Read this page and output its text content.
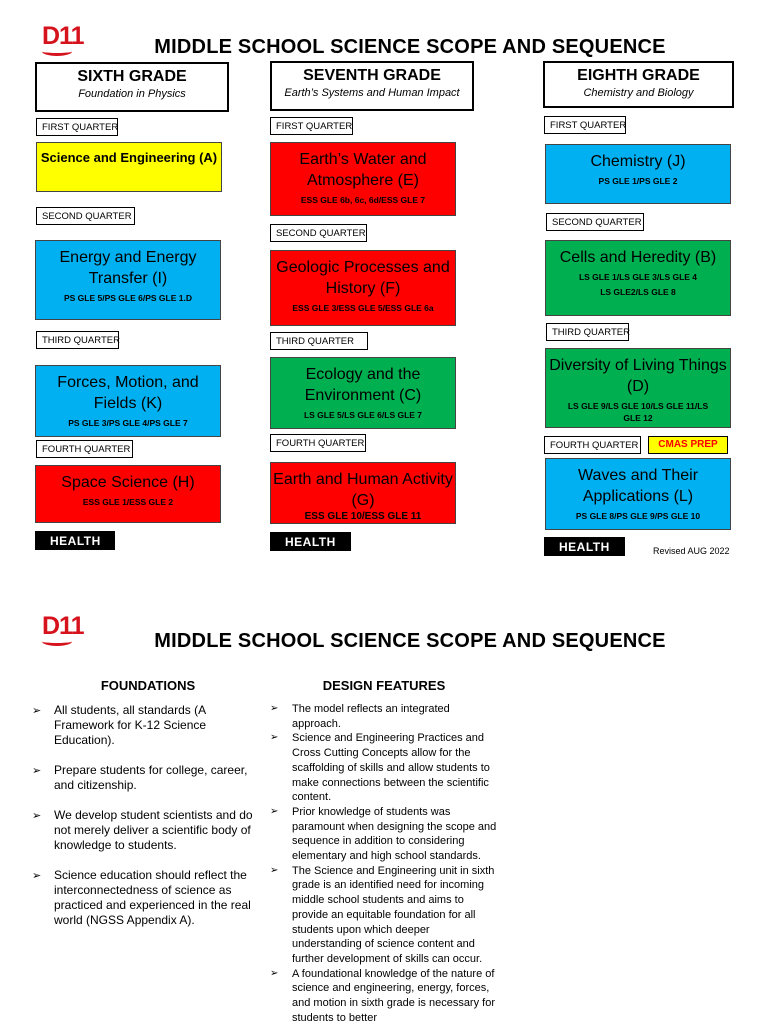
D11	MIDDLE SCHOOL SCIENCE SCOPE AND SEQUENCE
SIXTH GRADE
Foundation in Physics
SEVENTH GRADE
Earth’s Systems and Human Impact
EIGHTH GRADE
Chemistry and Biology
FIRST QUARTER
Science and Engineering (A)
SECOND QUARTER
Energy and Energy Transfer (I)
PS GLE 5/PS GLE 6/PS GLE 1.D
THIRD QUARTER
Forces, Motion, and Fields (K)
PS GLE 3/PS GLE 4/PS GLE 7
FOURTH QUARTER
Space Science (H)
ESS GLE 1/ESS GLE 2
HEALTH
FIRST QUARTER
Earth’s Water and Atmosphere (E)
ESS GLE 6b, 6c, 6d/ESS GLE 7
SECOND QUARTER
Geologic Processes and History (F)
ESS GLE 3/ESS GLE 5/ESS GLE 6a
THIRD QUARTER
Ecology and the Environment (C)
LS GLE 5/LS GLE 6/LS GLE 7
FOURTH QUARTER
Earth and Human Activity (G)
ESS GLE 10/ESS GLE 11
HEALTH
FIRST QUARTER
Chemistry (J)
PS GLE 1/PS GLE 2
SECOND QUARTER
Cells and Heredity (B)
LS GLE 1/LS GLE 3/LS GLE 4
LS GLE2/LS GLE 8
THIRD QUARTER
Diversity of Living Things (D)
LS GLE 9/LS GLE 10/LS GLE 11/LS GLE 12
FOURTH QUARTER	CMAS PREP
Waves and Their Applications (L)
PS GLE 8/PS GLE 9/PS GLE 10
HEALTH	Revised AUG 2022
D11
MIDDLE SCHOOL SCIENCE SCOPE AND SEQUENCE
FOUNDATIONS
➢ All students, all standards (A Framework for K-12 Science Education).
➢ Prepare students for college, career, and citizenship.
➢ We develop student scientists and do not merely deliver a scientific body of knowledge to students.
➢ Science education should reflect the interconnectedness of science as practiced and experienced in the real world (NGSS Appendix A).
DESIGN FEATURES
➢ The model reflects an integrated approach.
➢ Science and Engineering Practices and Cross Cutting Concepts allow for the scaffolding of skills and allow students to make connections between the scientific content.
➢ Prior knowledge of students was paramount when designing the scope and sequence in addition to considering elementary and high school standards.
➢ The Science and Engineering unit in sixth grade is an identified need for incoming middle school students and aims to provide an equitable foundation for all students upon which deeper understanding of science content and further development of skills can occur.
➢ A foundational knowledge of the nature of science and engineering, energy, forces, and motion in sixth grade is necessary for students to better
